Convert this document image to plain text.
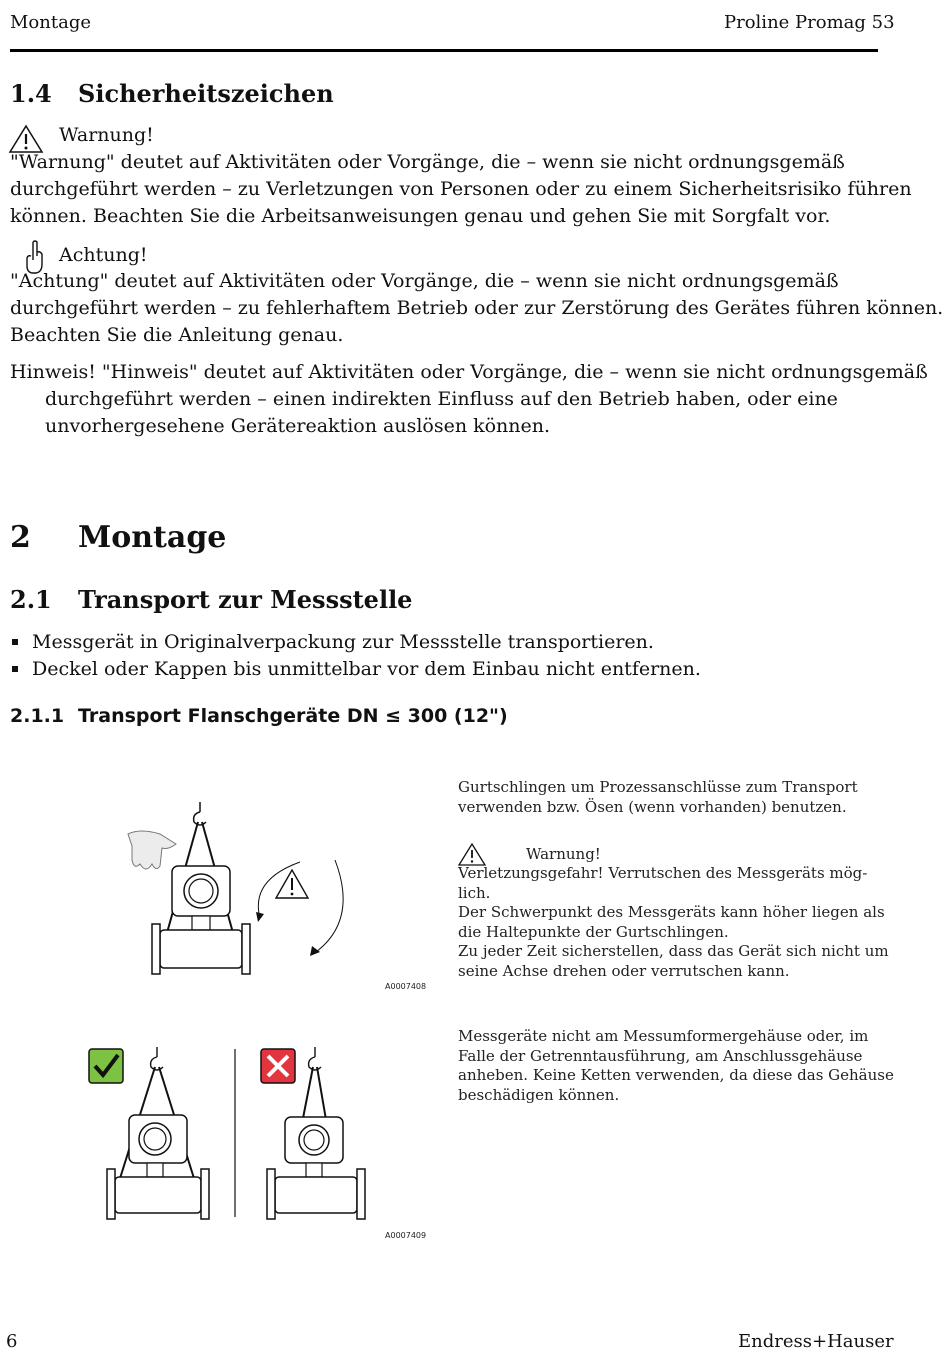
Montage	Proline Promag 53
1.4 Sicherheitszeichen
Warnung!

"Warnung" deutet auf Aktivitäten oder Vorgänge, die – wenn sie nicht ordnungsgemäß

durchgeführt werden – zu Verletzungen von Personen oder zu einem Sicherheitsrisiko führen

können. Beachten Sie die Arbeitsanweisungen genau und gehen Sie mit Sorgfalt vor.

Achtung!

"Achtung" deutet auf Aktivitäten oder Vorgänge, die – wenn sie nicht ordnungsgemäß

durchgeführt werden – zu fehlerhaftem Betrieb oder zur Zerstörung des Gerätes führen können.

Beachten Sie die Anleitung genau.

Hinweis! "Hinweis" deutet auf Aktivitäten oder Vorgänge, die – wenn sie nicht ordnungsgemäß

durchgeführt werden – einen indirekten Einfluss auf den Betrieb haben, oder eine

unvorhergesehene Gerätereaktion auslösen können.

2 Montage
2.1 Transport zur Messstelle

Messgerät in Originalverpackung zur Messstelle transportieren.

Deckel oder Kappen bis unmittelbar vor dem Einbau nicht entfernen.

2.1.1 Transport Flanschgeräte DN ≤ 300 (12")
A0007408

Gurtschlingen um Prozessanschlüsse zum Transport

verwenden bzw. Ösen (wenn vorhanden) benutzen.

Warnung!

Verletzungsgefahr! Verrutschen des Messgeräts mög-

lich.

Der Schwerpunkt des Messgeräts kann höher liegen als

die Haltepunkte der Gurtschlingen.

Zu jeder Zeit sicherstellen, dass das Gerät sich nicht um

seine Achse drehen oder verrutschen kann.

A0007409

Messgeräte nicht am Messumformergehäuse oder, im

Falle der Getrenntausführung, am Anschlussgehäuse

anheben. Keine Ketten verwenden, da diese das Gehäuse

beschädigen können.

6	Endress+Hauser
